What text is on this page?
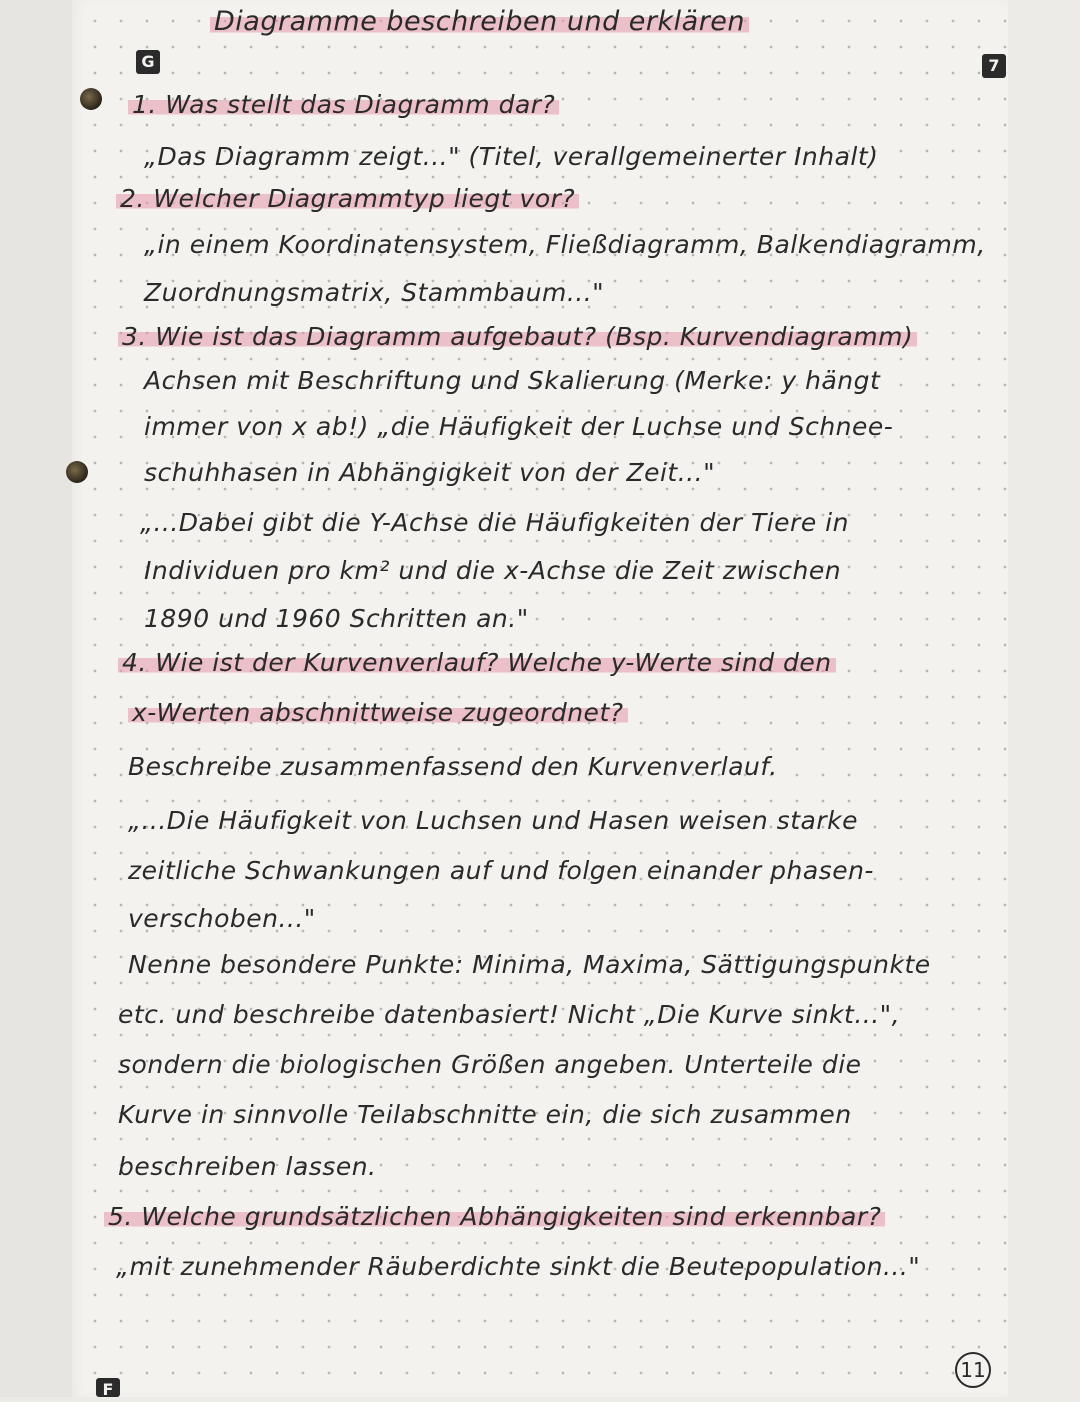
G	7
F
Diagramme beschreiben und erklären
1. Was stellt das Diagramm dar?
„Das Diagramm zeigt..." (Titel, verallgemeinerter Inhalt)
2. Welcher Diagrammtyp liegt vor?
„in einem Koordinatensystem, Fließdiagramm, Balkendiagramm,
Zuordnungsmatrix, Stammbaum..."
3. Wie ist das Diagramm aufgebaut? (Bsp. Kurvendiagramm)
Achsen mit Beschriftung und Skalierung (Merke: y hängt
immer von x ab!) „die Häufigkeit der Luchse und Schnee-
schuhhasen in Abhängigkeit von der Zeit..."
„...Dabei gibt die Y-Achse die Häufigkeiten der Tiere in
Individuen pro km² und die x-Achse die Zeit zwischen
1890 und 1960 Schritten an."
4. Wie ist der Kurvenverlauf? Welche y-Werte sind den
x-Werten abschnittweise zugeordnet?
Beschreibe zusammenfassend den Kurvenverlauf.
„...Die Häufigkeit von Luchsen und Hasen weisen starke
zeitliche Schwankungen auf und folgen einander phasen-
verschoben..."
Nenne besondere Punkte: Minima, Maxima, Sättigungspunkte
etc. und beschreibe datenbasiert! Nicht „Die Kurve sinkt...",
sondern die biologischen Größen angeben. Unterteile die
Kurve in sinnvolle Teilabschnitte ein, die sich zusammen
beschreiben lassen.
5. Welche grundsätzlichen Abhängigkeiten sind erkennbar?
„mit zunehmender Räuberdichte sinkt die Beutepopulation..."
11
